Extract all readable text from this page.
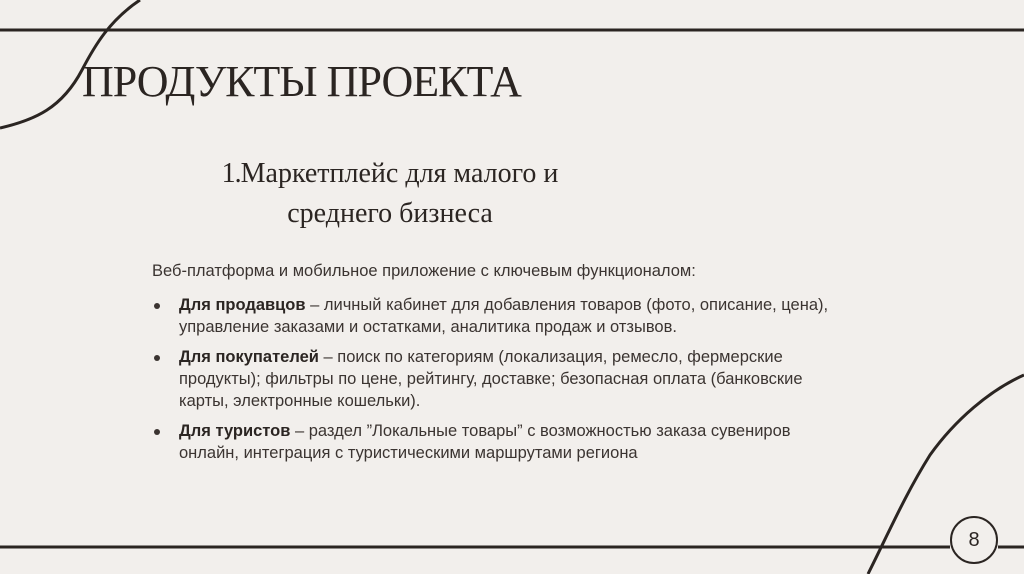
ПРОДУКТЫ ПРОЕКТА
1.Маркетплейс для малого и среднего бизнеса

Веб-платформа и мобильное приложение с ключевым функционалом:

Для продавцов – личный кабинет для добавления товаров (фото, описание, цена), управление заказами и остатками, аналитика продаж и отзывов.
Для покупателей – поиск по категориям (локализация, ремесло, фермерские продукты); фильтры по цене, рейтингу, доставке; безопасная оплата (банковские карты, электронные кошельки).
Для туристов – раздел ”Локальные товары” с возможностью заказа сувениров онлайн, интеграция с туристическими маршрутами региона
8
